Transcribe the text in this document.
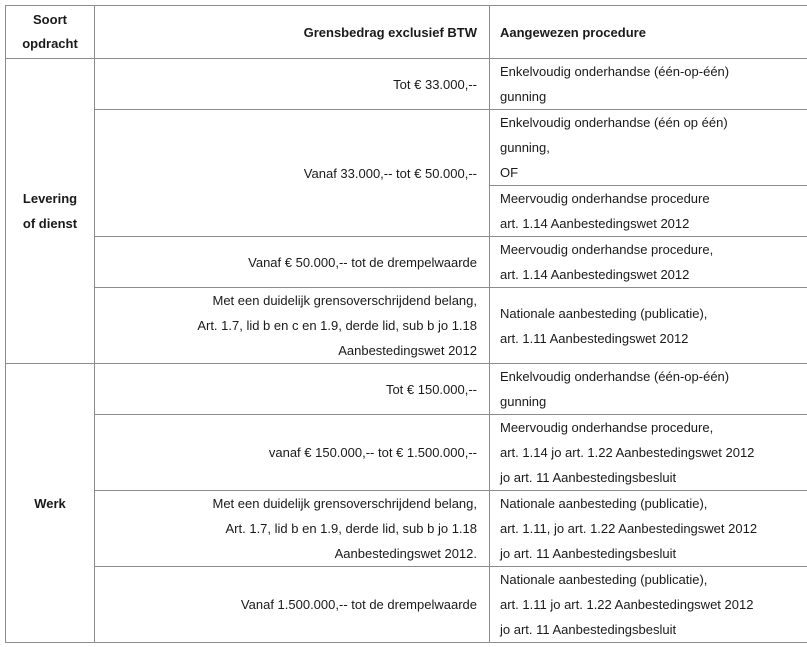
Soort
opdracht	Grensbedrag exclusief BTW	Aangewezen procedure

Levering
of dienst	Tot € 33.000,--	Enkelvoudig onderhandse (één-op-één)
gunning

	Vanaf 33.000,-- tot € 50.000,--	Enkelvoudig onderhandse (één op één)
gunning,
OF

		Meervoudig onderhandse procedure
art. 1.14 Aanbestedingswet 2012

	Vanaf € 50.000,-- tot de drempelwaarde	Meervoudig onderhandse procedure,
art. 1.14 Aanbestedingswet 2012

	Met een duidelijk grensoverschrijdend belang,
Art. 1.7, lid b en c en 1.9, derde lid, sub b jo 1.18
Aanbestedingswet 2012	Nationale aanbesteding (publicatie),
art. 1.11 Aanbestedingswet 2012

Werk	Tot € 150.000,--	Enkelvoudig onderhandse (één-op-één)
gunning

	vanaf € 150.000,-- tot € 1.500.000,--	Meervoudig onderhandse procedure,
art. 1.14 jo art. 1.22 Aanbestedingswet 2012
jo art. 11 Aanbestedingsbesluit

	Met een duidelijk grensoverschrijdend belang,
Art. 1.7, lid b en 1.9, derde lid, sub b jo 1.18
Aanbestedingswet 2012.	Nationale aanbesteding (publicatie),
art. 1.11, jo art. 1.22 Aanbestedingswet 2012
jo art. 11 Aanbestedingsbesluit

	Vanaf 1.500.000,-- tot de drempelwaarde	Nationale aanbesteding (publicatie),
art. 1.11 jo art. 1.22 Aanbestedingswet 2012
jo art. 11 Aanbestedingsbesluit
